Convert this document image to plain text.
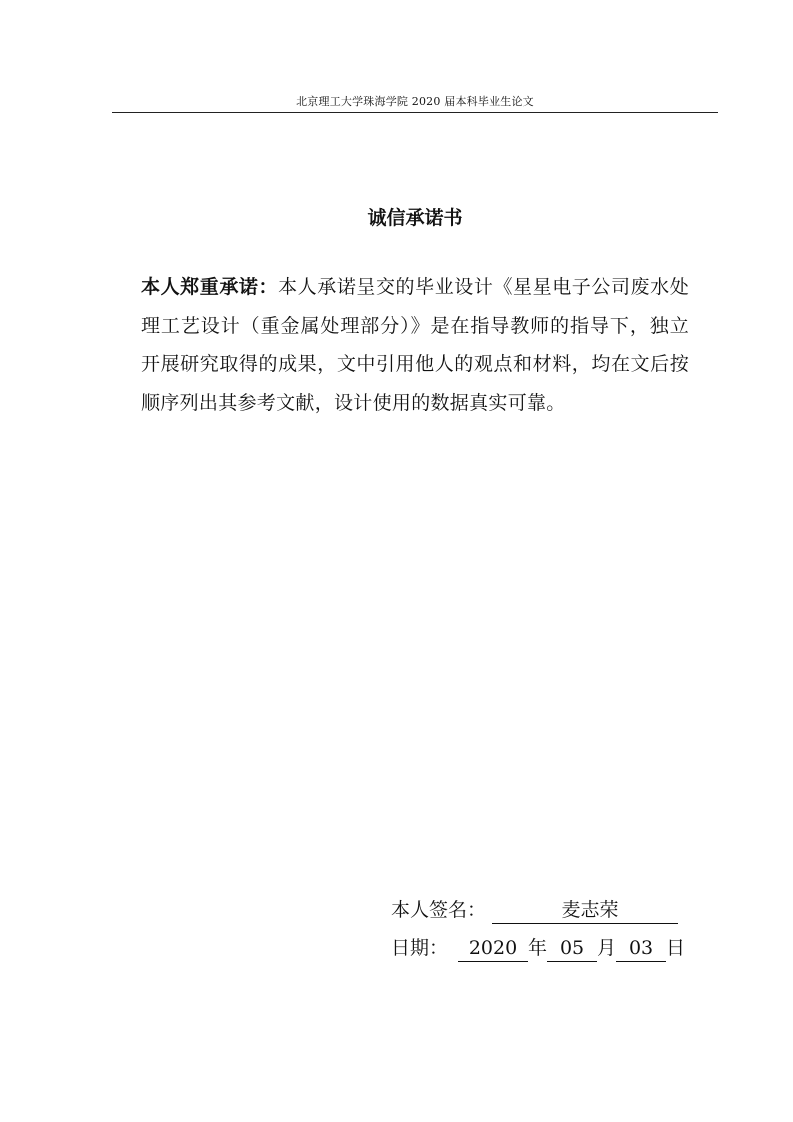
北京理工大学珠海学院 2020 届本科毕业生论文
诚信承诺书
本人郑重承诺：本人承诺呈交的毕业设计《星星电子公司废水处理工艺设计（重金属处理部分）》是在指导教师的指导下，独立开展研究取得的成果，文中引用他人的观点和材料，均在文后按顺序列出其参考文献，设计使用的数据真实可靠。
本人签名：	麦志荣
日期： 2020 年 05 月 03 日
